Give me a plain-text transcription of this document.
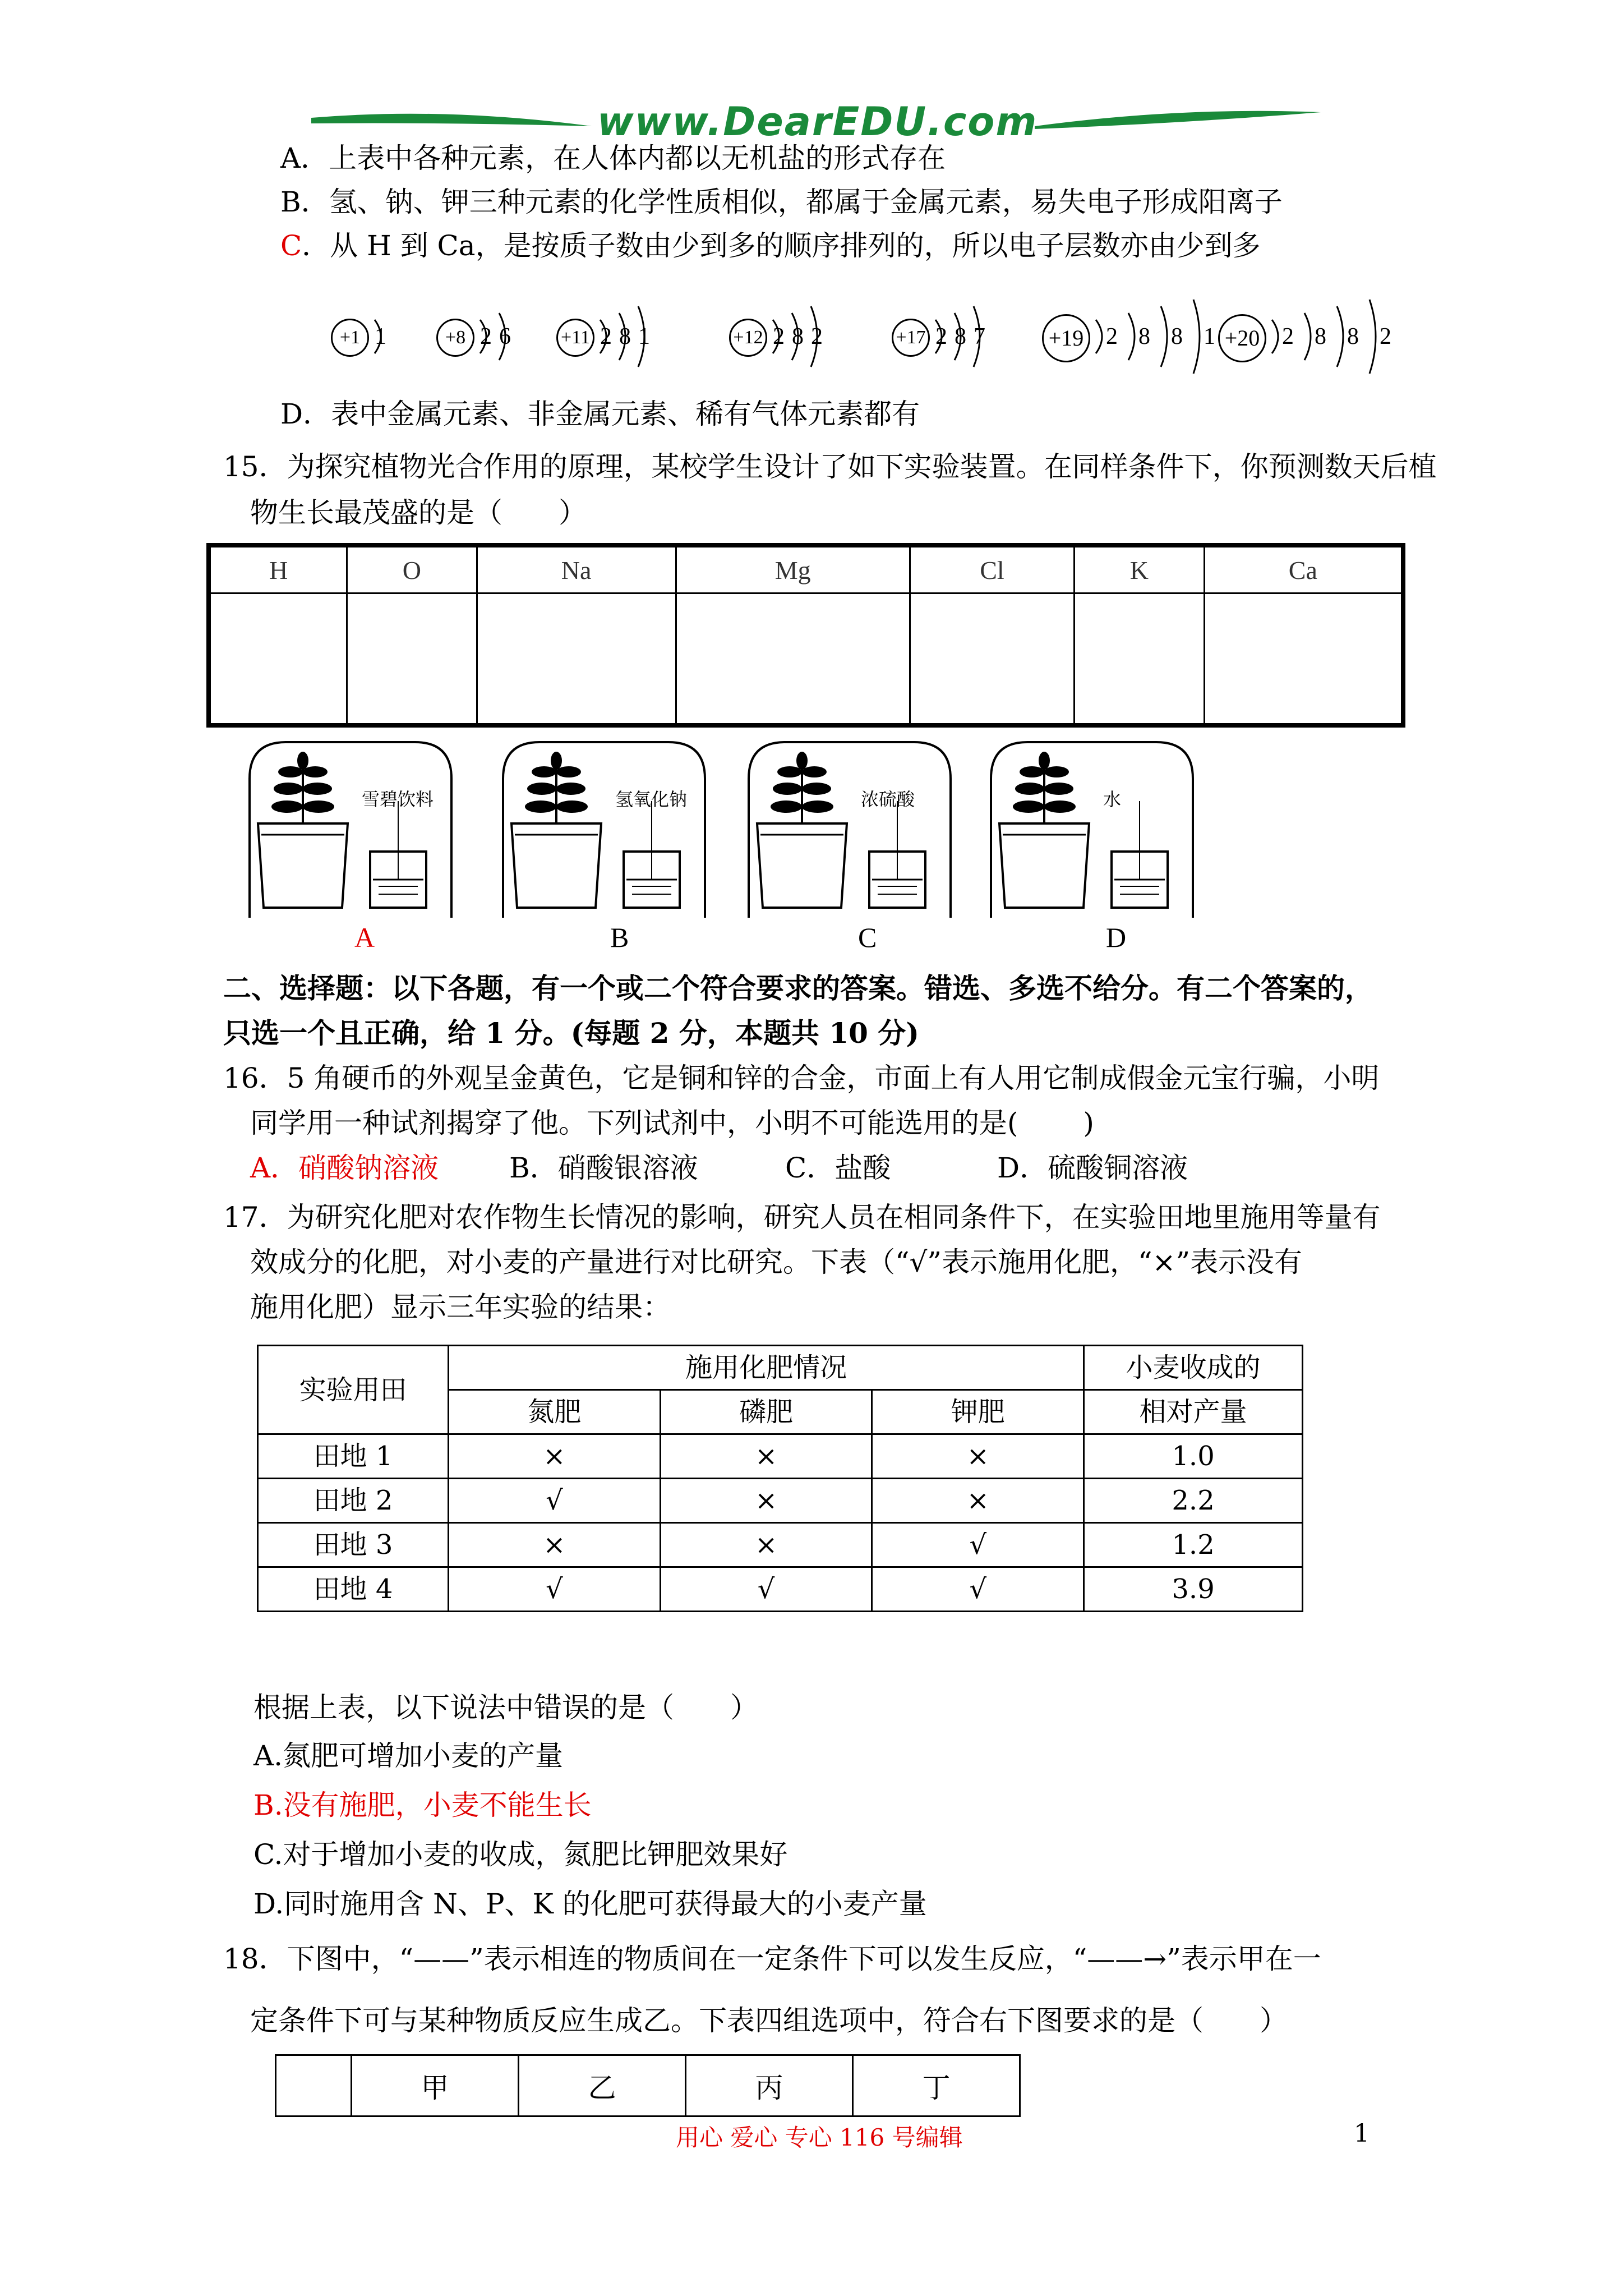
www.DearEDU.com
A．上表中各种元素，在人体内都以无机盐的形式存在
B．氢、钠、钾三种元素的化学性质相似，都属于金属元素，易失电子形成阳离子
C．从 H 到 Ca，是按质子数由少到多的顺序排列的，所以电子层数亦由少到多
+1 1	+8 2 6	+11 2 8 1	+12 2 8 2	+17 2 8 7	+19 2 8 8 1 +20 2 8 8 2
D．表中金属元素、非金属元素、稀有气体元素都有
15．为探究植物光合作用的原理，某校学生设计了如下实验装置。在同样条件下，你预测数天后植
物生长最茂盛的是（　　）
H	O	Na	Mg	Cl	K	Ca

雪碧饮料	氢氧化钠	浓硫酸	水
A	B	C	D
二、选择题：以下各题，有一个或二个符合要求的答案。错选、多选不给分。有二个答案的，
只选一个且正确，给 1 分。(每题 2 分，本题共 10 分)
16．5 角硬币的外观呈金黄色，它是铜和锌的合金，市面上有人用它制成假金元宝行骗，小明
同学用一种试剂揭穿了他。下列试剂中，小明不可能选用的是(　　 )
A．硝酸钠溶液	B．硝酸银溶液	C．盐酸	D．硫酸铜溶液
17．为研究化肥对农作物生长情况的影响，研究人员在相同条件下，在实验田地里施用等量有
效成分的化肥，对小麦的产量进行对比研究。下表（“√”表示施用化肥，“×”表示没有
施用化肥）显示三年实验的结果：
实验用田	施用化肥情况			小麦收成的
	氮肥	磷肥	钾肥	相对产量
田地 1	×	×	×	1.0
田地 2	√	×	×	2.2
田地 3	×	×	√	1.2
田地 4	√	√	√	3.9
根据上表，以下说法中错误的是（　　）
A.氮肥可增加小麦的产量
B.没有施肥，小麦不能生长
C.对于增加小麦的收成，氮肥比钾肥效果好
D.同时施用含 N、P、K 的化肥可获得最大的小麦产量
18．下图中，“——”表示相连的物质间在一定条件下可以发生反应，“——→”表示甲在一
定条件下可与某种物质反应生成乙。下表四组选项中，符合右下图要求的是（　　）
	甲	乙	丙	丁
用心 爱心 专心 116 号编辑	1
